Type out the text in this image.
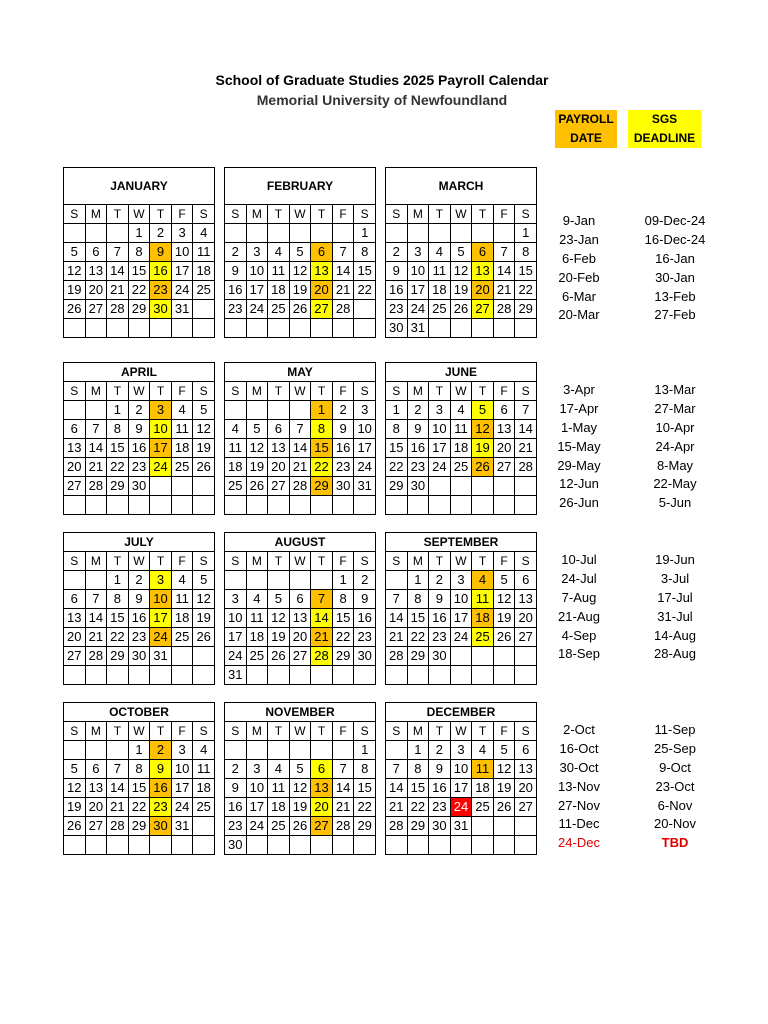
School of Graduate Studies 2025 Payroll Calendar
Memorial University of Newfoundland
PAYROLL
DATE
SGS
DEADLINE
JANUARY						
S	M	T	W	T	F	S
			1	2	3	4
5	6	7	8	9	10	11
12	13	14	15	16	17	18
19	20	21	22	23	24	25
26	27	28	29	30	31	

FEBRUARY						
S	M	T	W	T	F	S
						1
2	3	4	5	6	7	8
9	10	11	12	13	14	15
16	17	18	19	20	21	22
23	24	25	26	27	28	

MARCH						
S	M	T	W	T	F	S
						1
2	3	4	5	6	7	8
9	10	11	12	13	14	15
16	17	18	19	20	21	22
23	24	25	26	27	28	29
30	31					
APRIL						
S	M	T	W	T	F	S
		1	2	3	4	5
6	7	8	9	10	11	12
13	14	15	16	17	18	19
20	21	22	23	24	25	26
27	28	29	30			

MAY						
S	M	T	W	T	F	S
				1	2	3
4	5	6	7	8	9	10
11	12	13	14	15	16	17
18	19	20	21	22	23	24
25	26	27	28	29	30	31

JUNE						
S	M	T	W	T	F	S
1	2	3	4	5	6	7
8	9	10	11	12	13	14
15	16	17	18	19	20	21
22	23	24	25	26	27	28
29	30					

JULY						
S	M	T	W	T	F	S
		1	2	3	4	5
6	7	8	9	10	11	12
13	14	15	16	17	18	19
20	21	22	23	24	25	26
27	28	29	30	31		

AUGUST						
S	M	T	W	T	F	S
					1	2
3	4	5	6	7	8	9
10	11	12	13	14	15	16
17	18	19	20	21	22	23
24	25	26	27	28	29	30
31						
SEPTEMBER						
S	M	T	W	T	F	S
	1	2	3	4	5	6
7	8	9	10	11	12	13
14	15	16	17	18	19	20
21	22	23	24	25	26	27
28	29	30				

OCTOBER						
S	M	T	W	T	F	S
			1	2	3	4
5	6	7	8	9	10	11
12	13	14	15	16	17	18
19	20	21	22	23	24	25
26	27	28	29	30	31	

NOVEMBER						
S	M	T	W	T	F	S
						1
2	3	4	5	6	7	8
9	10	11	12	13	14	15
16	17	18	19	20	21	22
23	24	25	26	27	28	29
30						
DECEMBER						
S	M	T	W	T	F	S
	1	2	3	4	5	6
7	8	9	10	11	12	13
14	15	16	17	18	19	20
21	22	23	24	25	26	27
28	29	30	31			

9-Jan	09-Dec-24
23-Jan	16-Dec-24
6-Feb	16-Jan
20-Feb	30-Jan
6-Mar	13-Feb
20-Mar	27-Feb
3-Apr	13-Mar
17-Apr	27-Mar
1-May	10-Apr
15-May	24-Apr
29-May	8-May
12-Jun	22-May
26-Jun	5-Jun
10-Jul	19-Jun
24-Jul	3-Jul
7-Aug	17-Jul
21-Aug	31-Jul
4-Sep	14-Aug
18-Sep	28-Aug
2-Oct	11-Sep
16-Oct	25-Sep
30-Oct	9-Oct
13-Nov	23-Oct
27-Nov	6-Nov
11-Dec	20-Nov
24-Dec	TBD
